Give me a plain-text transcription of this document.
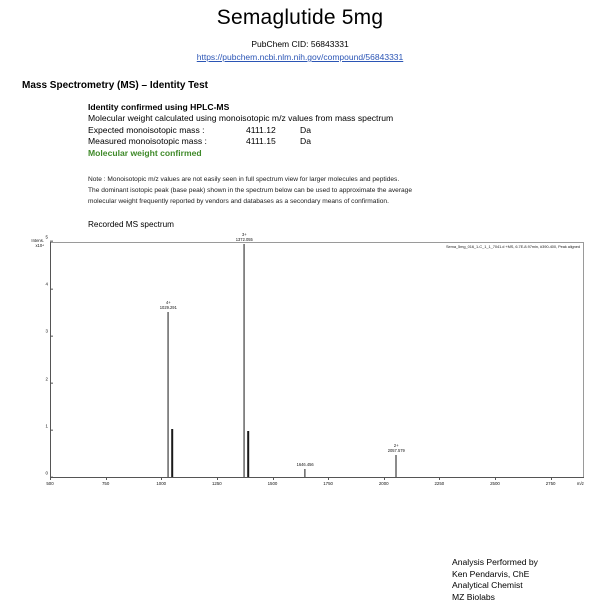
Semaglutide 5mg
PubChem CID: 56843331
https://pubchem.ncbi.nlm.nih.gov/compound/56843331
Mass Spectrometry (MS) – Identity Test
Identity confirmed using HPLC-MS
Molecular weight calculated using monoisotopic m/z values from mass spectrum
Expected monoisotopic mass :	4111.12	Da
Measured monoisotopic mass :	4111.15	Da
Molecular weight confirmed
Note : Monoisotopic m/z values are not easily seen in full spectrum view for larger molecules and peptides.
The dominant isotopic peak (base peak) shown in the spectrum below can be used to approximate the average
molecular weight frequently reported by vendors and databases as a secondary means of confirmation.
Recorded MS spectrum
Intens.
x10⁴	Sema_5mg_016_1-C_1_1_7041.d +MS, 6.7E-8.97min, #390-400, Peak aligned
4+
1029.291
3+
1372.055
1646.456
2+
2057.579
0
1
2
3
4
5
500	750	1000	1250	1500	1750	2000	2250	2500	2750	m/z
Analysis Performed by
Ken Pendarvis, ChE
Analytical Chemist
MZ Biolabs
